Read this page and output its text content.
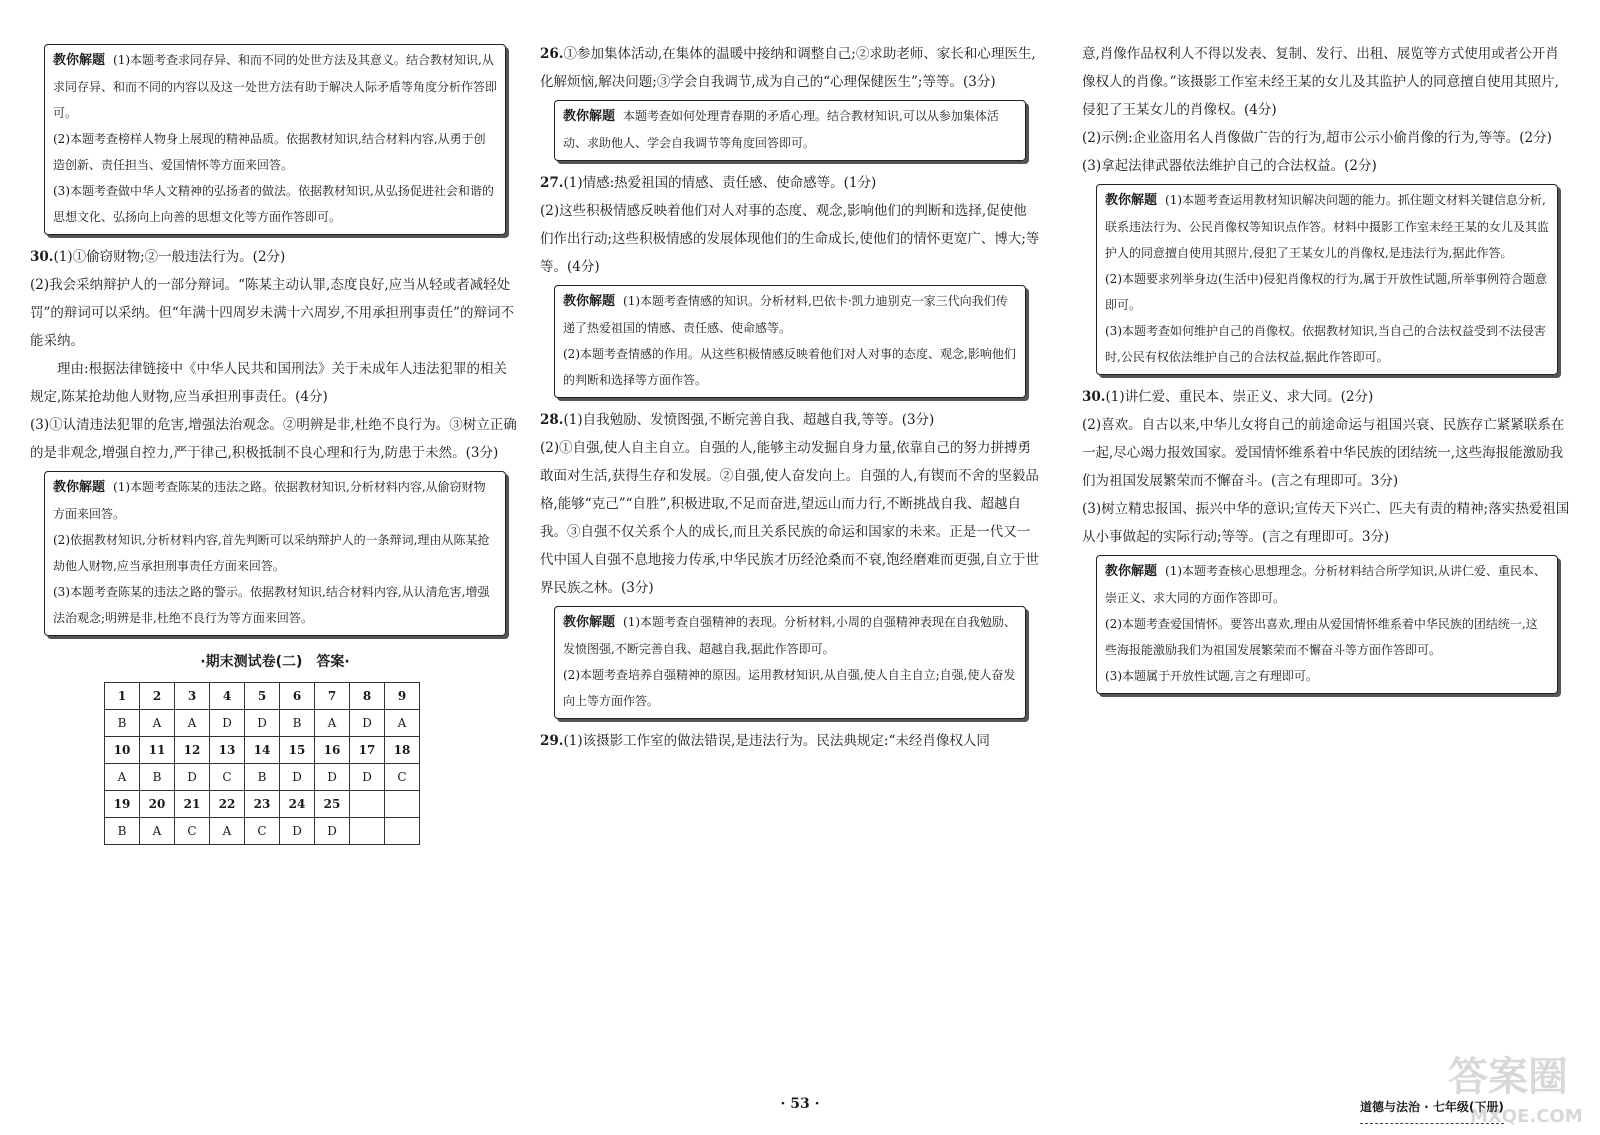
教你解题 (1)本题考查求同存异、和而不同的处世方法及其意义。结合教材知识,从求同存异、和而不同的内容以及这一处世方法有助于解决人际矛盾等角度分析作答即可。

(2)本题考查榜样人物身上展现的精神品质。依据教材知识,结合材料内容,从勇于创造创新、责任担当、爱国情怀等方面来回答。

(3)本题考查做中华人文精神的弘扬者的做法。依据教材知识,从弘扬促进社会和谐的思想文化、弘扬向上向善的思想文化等方面作答即可。

30.(1)①偷窃财物;②一般违法行为。(2分)

(2)我会采纳辩护人的一部分辩词。“陈某主动认罪,态度良好,应当从轻或者减轻处罚”的辩词可以采纳。但“年满十四周岁未满十六周岁,不用承担刑事责任”的辩词不能采纳。

理由:根据法律链接中《中华人民共和国刑法》关于未成年人违法犯罪的相关规定,陈某抢劫他人财物,应当承担刑事责任。(4分)

(3)①认清违法犯罪的危害,增强法治观念。②明辨是非,杜绝不良行为。③树立正确的是非观念,增强自控力,严于律己,积极抵制不良心理和行为,防患于未然。(3分)

教你解题 (1)本题考查陈某的违法之路。依据教材知识,分析材料内容,从偷窃财物方面来回答。

(2)依据教材知识,分析材料内容,首先判断可以采纳辩护人的一条辩词,理由从陈某抢劫他人财物,应当承担刑事责任方面来回答。

(3)本题考查陈某的违法之路的警示。依据教材知识,结合材料内容,从认清危害,增强法治观念;明辨是非,杜绝不良行为等方面来回答。

·期末测试卷(二)　答案·
1	2	3	4	5	6	7	8	9
B	A	A	D	D	B	A	D	A
10	11	12	13	14	15	16	17	18
A	B	D	C	B	D	D	D	C
19	20	21	22	23	24	25		
B	A	C	A	C	D	D		

26.①参加集体活动,在集体的温暖中接纳和调整自己;②求助老师、家长和心理医生,化解烦恼,解决问题;③学会自我调节,成为自己的“心理保健医生”;等等。(3分)

教你解题 本题考查如何处理青春期的矛盾心理。结合教材知识,可以从参加集体活动、求助他人、学会自我调节等角度回答即可。

27.(1)情感:热爱祖国的情感、责任感、使命感等。(1分)

(2)这些积极情感反映着他们对人对事的态度、观念,影响他们的判断和选择,促使他们作出行动;这些积极情感的发展体现他们的生命成长,使他们的情怀更宽广、博大;等等。(4分)

教你解题 (1)本题考查情感的知识。分析材料,巴依卡·凯力迪别克一家三代向我们传递了热爱祖国的情感、责任感、使命感等。

(2)本题考查情感的作用。从这些积极情感反映着他们对人对事的态度、观念,影响他们的判断和选择等方面作答。

28.(1)自我勉励、发愤图强,不断完善自我、超越自我,等等。(3分)

(2)①自强,使人自主自立。自强的人,能够主动发掘自身力量,依靠自己的努力拼搏勇敢面对生活,获得生存和发展。②自强,使人奋发向上。自强的人,有锲而不舍的坚毅品格,能够“克己”“自胜”,积极进取,不足而奋进,望远山而力行,不断挑战自我、超越自我。③自强不仅关系个人的成长,而且关系民族的命运和国家的未来。正是一代又一代中国人自强不息地接力传承,中华民族才历经沧桑而不衰,饱经磨难而更强,自立于世界民族之林。(3分)

教你解题 (1)本题考查自强精神的表现。分析材料,小周的自强精神表现在自我勉励、发愤图强,不断完善自我、超越自我,据此作答即可。

(2)本题考查培养自强精神的原因。运用教材知识,从自强,使人自主自立;自强,使人奋发向上等方面作答。

29.(1)该摄影工作室的做法错误,是违法行为。民法典规定:“未经肖像权人同

意,肖像作品权利人不得以发表、复制、发行、出租、展览等方式使用或者公开肖像权人的肖像。”该摄影工作室未经王某的女儿及其监护人的同意擅自使用其照片,侵犯了王某女儿的肖像权。(4分)

(2)示例:企业盗用名人肖像做广告的行为,超市公示小偷肖像的行为,等等。(2分)

(3)拿起法律武器依法维护自己的合法权益。(2分)

教你解题 (1)本题考查运用教材知识解决问题的能力。抓住题文材料关键信息分析,联系违法行为、公民肖像权等知识点作答。材料中摄影工作室未经王某的女儿及其监护人的同意擅自使用其照片,侵犯了王某女儿的肖像权,是违法行为,据此作答。

(2)本题要求列举身边(生活中)侵犯肖像权的行为,属于开放性试题,所举事例符合题意即可。

(3)本题考查如何维护自己的肖像权。依据教材知识,当自己的合法权益受到不法侵害时,公民有权依法维护自己的合法权益,据此作答即可。

30.(1)讲仁爱、重民本、崇正义、求大同。(2分)

(2)喜欢。自古以来,中华儿女将自己的前途命运与祖国兴衰、民族存亡紧紧联系在一起,尽心竭力报效国家。爱国情怀维系着中华民族的团结统一,这些海报能激励我们为祖国发展繁荣而不懈奋斗。(言之有理即可。3分)

(3)树立精忠报国、振兴中华的意识;宣传天下兴亡、匹夫有责的精神;落实热爱祖国从小事做起的实际行动;等等。(言之有理即可。3分)

教你解题 (1)本题考查核心思想理念。分析材料结合所学知识,从讲仁爱、重民本、崇正义、求大同的方面作答即可。

(2)本题考查爱国情怀。要答出喜欢,理由从爱国情怀维系着中华民族的团结统一,这些海报能激励我们为祖国发展繁荣而不懈奋斗等方面作答即可。

(3)本题属于开放性试题,言之有理即可。

· 53 ·	道德与法治 · 七年级(下册)
答案圈
MXQE.COM
